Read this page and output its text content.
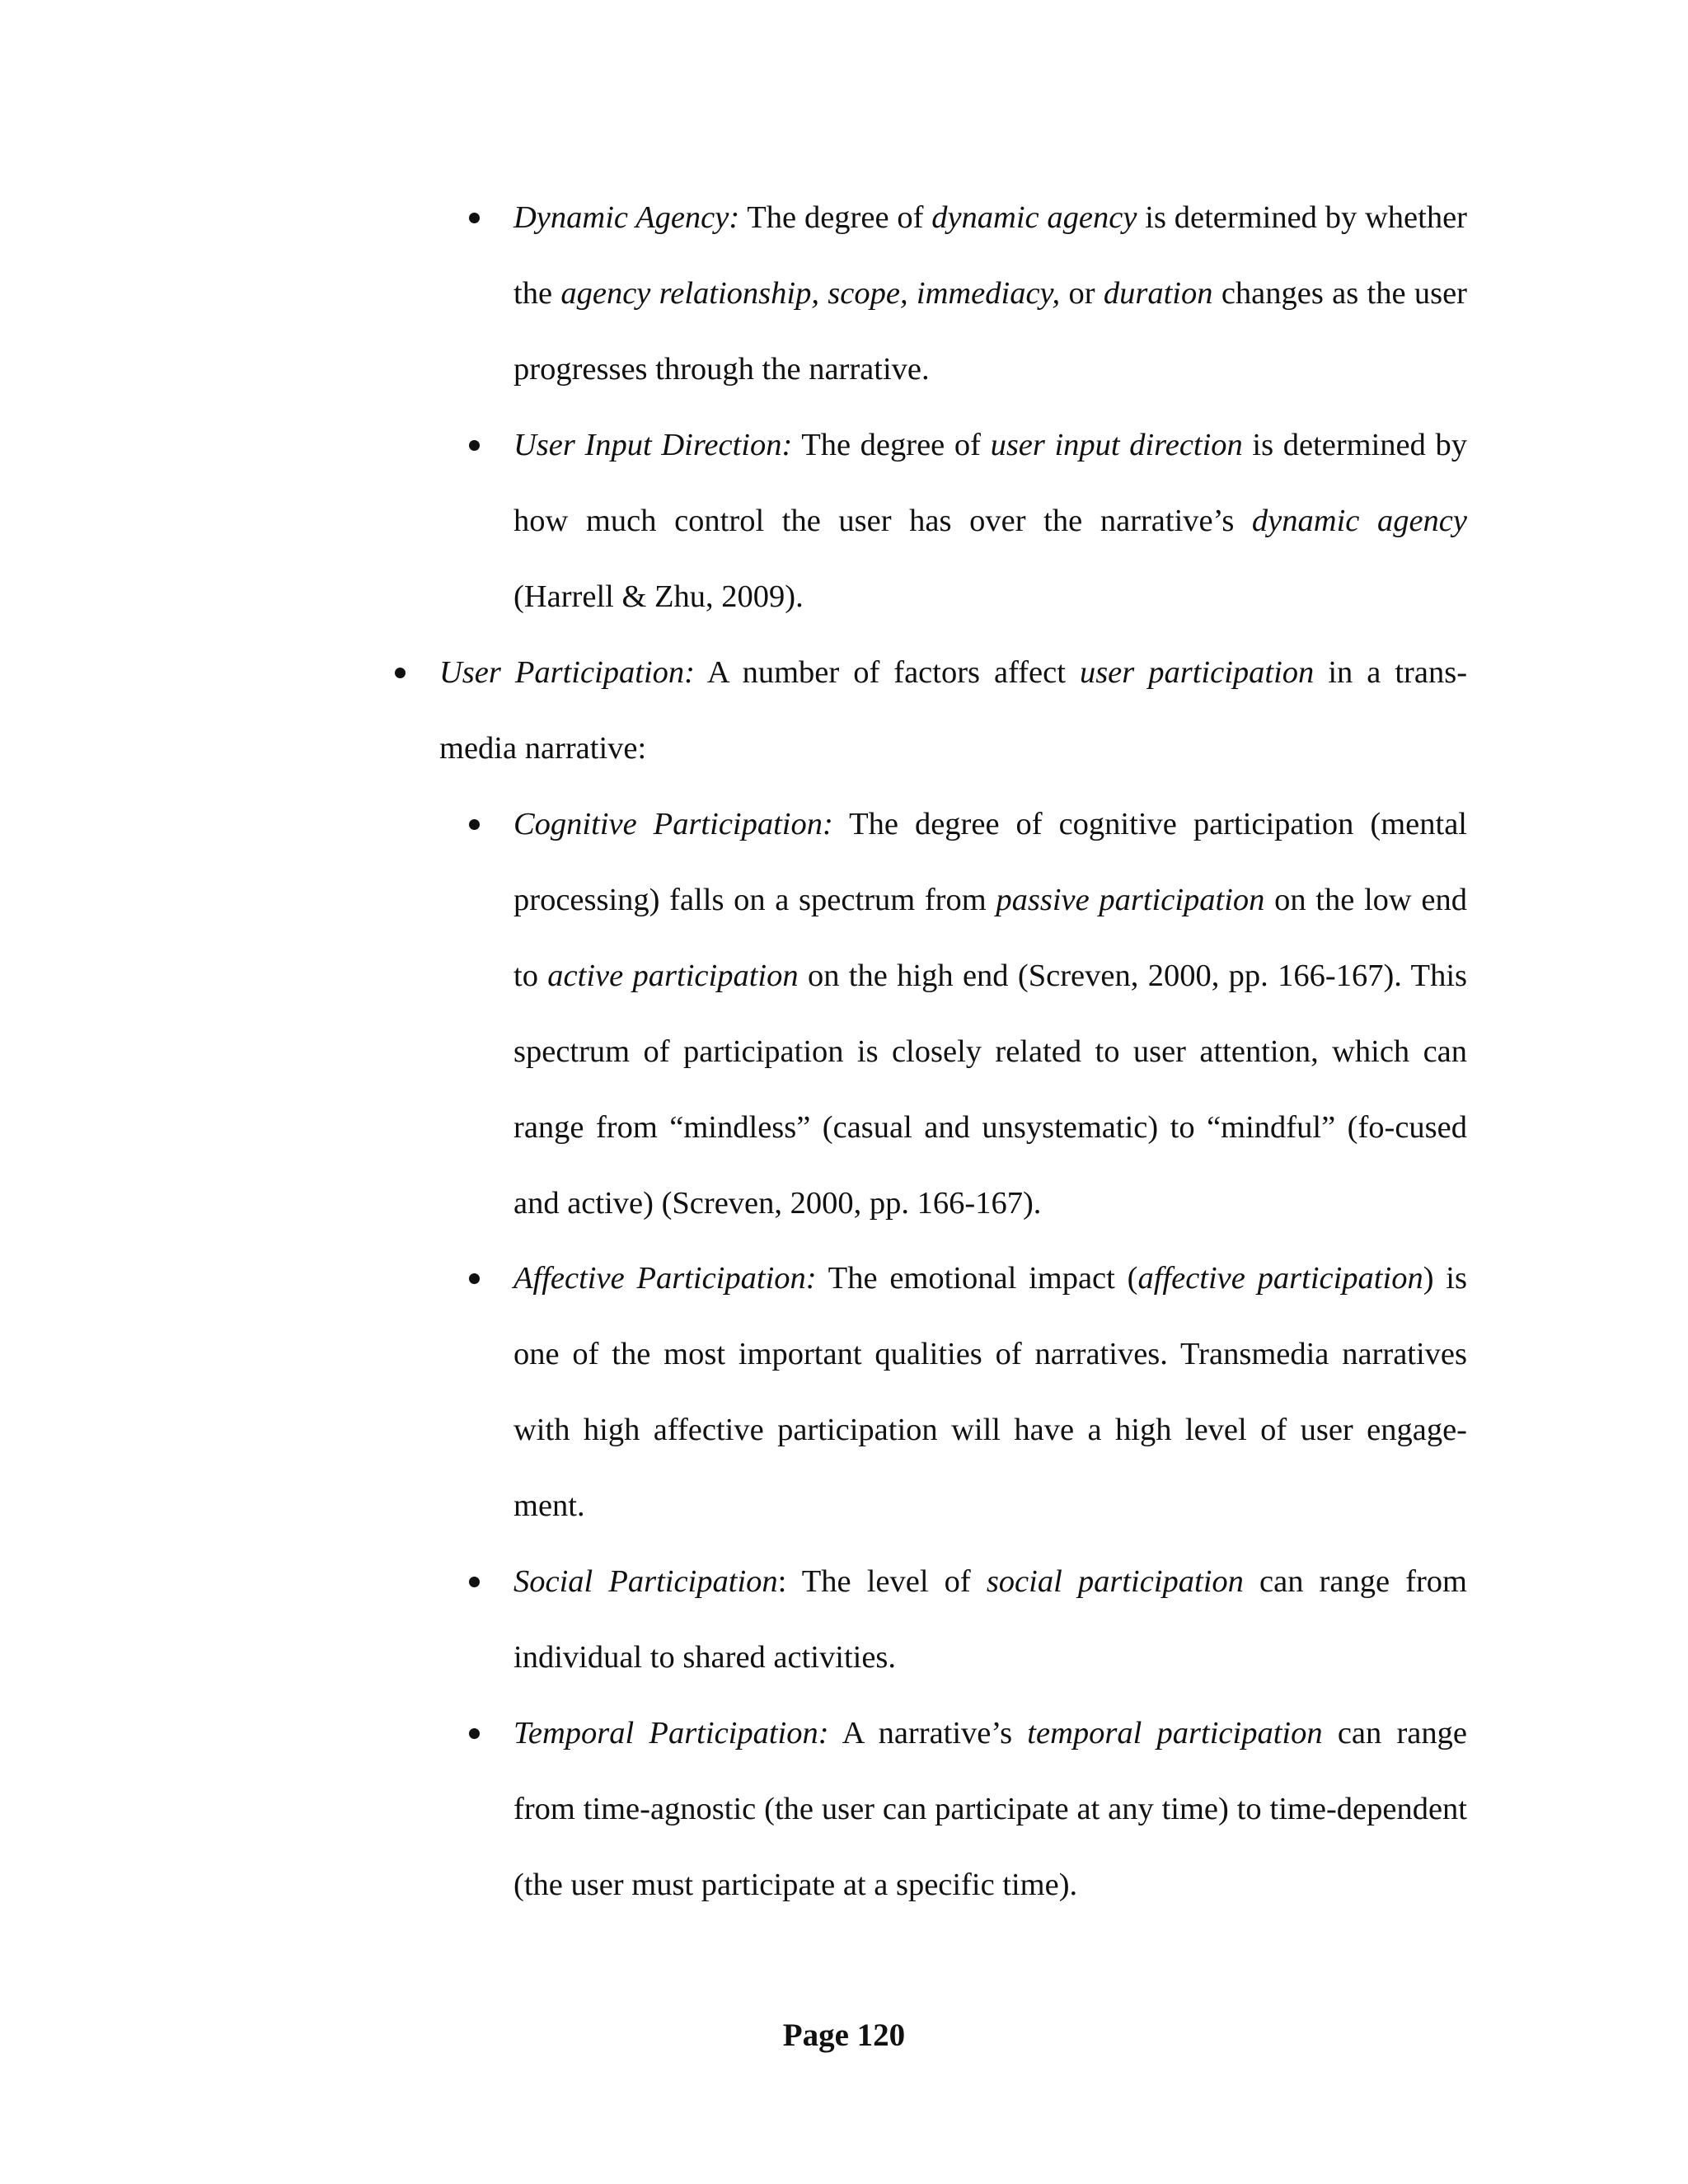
Dynamic Agency: The degree of dynamic agency is determined by whether the agency relationship, scope, immediacy, or duration changes as the user progresses through the narrative.
User Input Direction: The degree of user input direction is determined by how much control the user has over the narrative’s dynamic agency (Harrell & Zhu, 2009).
User Participation: A number of factors affect user participation in a trans-media narrative:
Cognitive Participation: The degree of cognitive participation (mental processing) falls on a spectrum from passive participation on the low end to active participation on the high end (Screven, 2000, pp. 166-167). This spectrum of participation is closely related to user attention, which can range from “mindless” (casual and unsystematic) to “mindful” (fo-cused and active) (Screven, 2000, pp. 166-167).
Affective Participation: The emotional impact (affective participation) is one of the most important qualities of narratives. Transmedia narratives with high affective participation will have a high level of user engage-ment.
Social Participation: The level of social participation can range from individual to shared activities.
Temporal Participation: A narrative’s temporal participation can range from time-agnostic (the user can participate at any time) to time-dependent (the user must participate at a specific time).
Page 120
